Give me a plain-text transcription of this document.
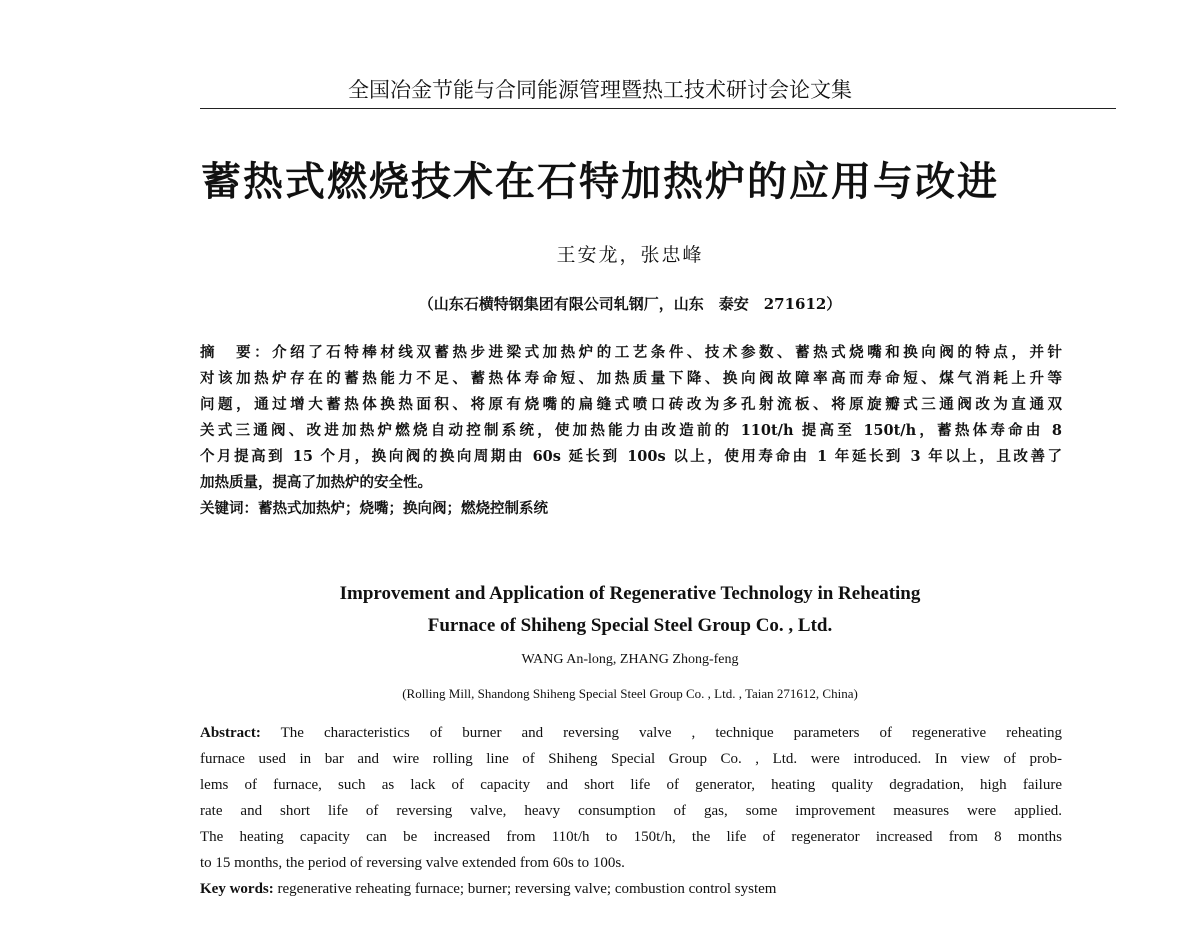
全国冶金节能与合同能源管理暨热工技术研讨会论文集
蓄热式燃烧技术在石特加热炉的应用与改进
王安龙，张忠峰
（山东石横特钢集团有限公司轧钢厂，山东　泰安　271612）
摘　要：介绍了石特棒材线双蓄热步进梁式加热炉的工艺条件、技术参数、蓄热式烧嘴和换向阀的特点，并针
对该加热炉存在的蓄热能力不足、蓄热体寿命短、加热质量下降、换向阀故障率高而寿命短、煤气消耗上升等
问题，通过增大蓄热体换热面积、将原有烧嘴的扁缝式喷口砖改为多孔射流板、将原旋瓣式三通阀改为直通双
关式三通阀、改进加热炉燃烧自动控制系统，使加热能力由改造前的 110t/h 提高至 150t/h，蓄热体寿命由 8
个月提高到 15 个月，换向阀的换向周期由 60s 延长到 100s 以上，使用寿命由 1 年延长到 3 年以上，且改善了
加热质量，提高了加热炉的安全性。
关键词：蓄热式加热炉；烧嘴；换向阀；燃烧控制系统
Improvement and Application of Regenerative Technology in Reheating
Furnace of Shiheng Special Steel Group Co. , Ltd.
WANG An-long, ZHANG Zhong-feng
(Rolling Mill, Shandong Shiheng Special Steel Group Co. , Ltd. , Taian 271612, China)
Abstract: The characteristics of burner and reversing valve , technique parameters of regenerative reheating
furnace used in bar and wire rolling line of Shiheng Special Group Co. , Ltd. were introduced. In view of prob-
lems of furnace, such as lack of capacity and short life of generator, heating quality degradation, high failure
rate and short life of reversing valve, heavy consumption of gas, some improvement measures were applied.
The heating capacity can be increased from 110t/h to 150t/h, the life of regenerator increased from 8 months
to 15 months, the period of reversing valve extended from 60s to 100s.
Key words: regenerative reheating furnace; burner; reversing valve; combustion control system
